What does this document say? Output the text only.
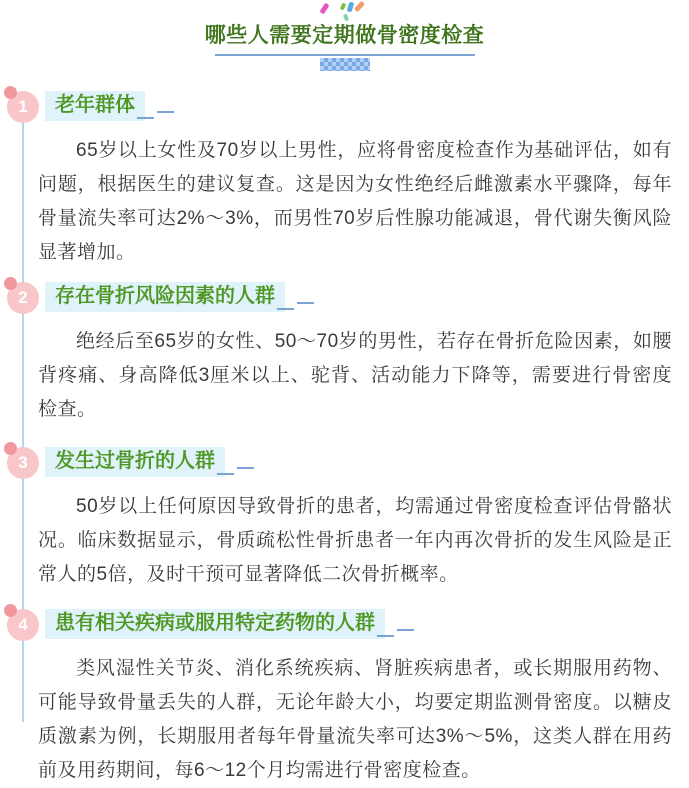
哪些人需要定期做骨密度检查
1	老年群体

65岁以上女性及70岁以上男性，应将骨密度检查作为基础评估，如有问题，根据医生的建议复查。这是因为女性绝经后雌激素水平骤降，每年骨量流失率可达2%～3%，而男性70岁后性腺功能减退，骨代谢失衡风险显著增加。

2	存在骨折风险因素的人群

绝经后至65岁的女性、50～70岁的男性，若存在骨折危险因素，如腰背疼痛、身高降低3厘米以上、驼背、活动能力下降等，需要进行骨密度检查。

3	发生过骨折的人群

50岁以上任何原因导致骨折的患者，均需通过骨密度检查评估骨骼状况。临床数据显示，骨质疏松性骨折患者一年内再次骨折的发生风险是正常人的5倍，及时干预可显著降低二次骨折概率。

4	患有相关疾病或服用特定药物的人群

类风湿性关节炎、消化系统疾病、肾脏疾病患者，或长期服用药物、可能导致骨量丢失的人群，无论年龄大小，均要定期监测骨密度。以糖皮质激素为例，长期服用者每年骨量流失率可达3%～5%，这类人群在用药前及用药期间，每6～12个月均需进行骨密度检查。
